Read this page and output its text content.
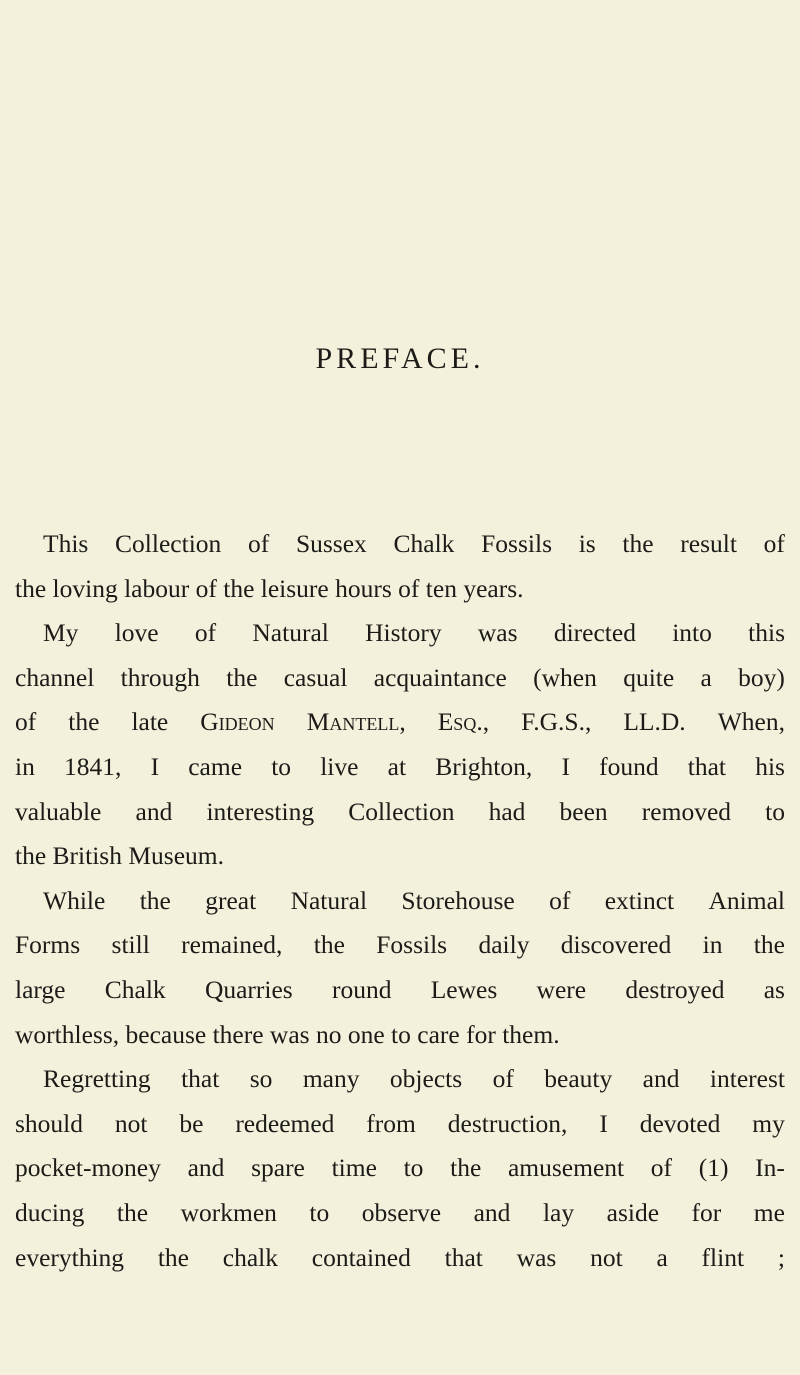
PREFACE.
This Collection of Sussex Chalk Fossils is the result of
the
loving
labour
of
the
leisure
hours
of
ten
years.
My love of Natural History was directed into this
channel through the casual acquaintance (when quite a boy)
of the late Gideon Mantell, Esq., F.G.S., LL.D. When,
in 1841, I came to live at Brighton, I found that his
valuable and interesting Collection had been removed to
the
British
Museum.
While the great Natural Storehouse of extinct Animal
Forms still remained, the Fossils daily discovered in the
large Chalk Quarries round Lewes were destroyed as
worthless,
because
there
was
no
one
to
care
for
them.
Regretting that so many objects of beauty and interest
should not be redeemed from destruction, I devoted my
pocket-money and spare time to the amusement of (1) In-
ducing the workmen to observe and lay aside for me
everything the chalk contained that was not a flint ;
